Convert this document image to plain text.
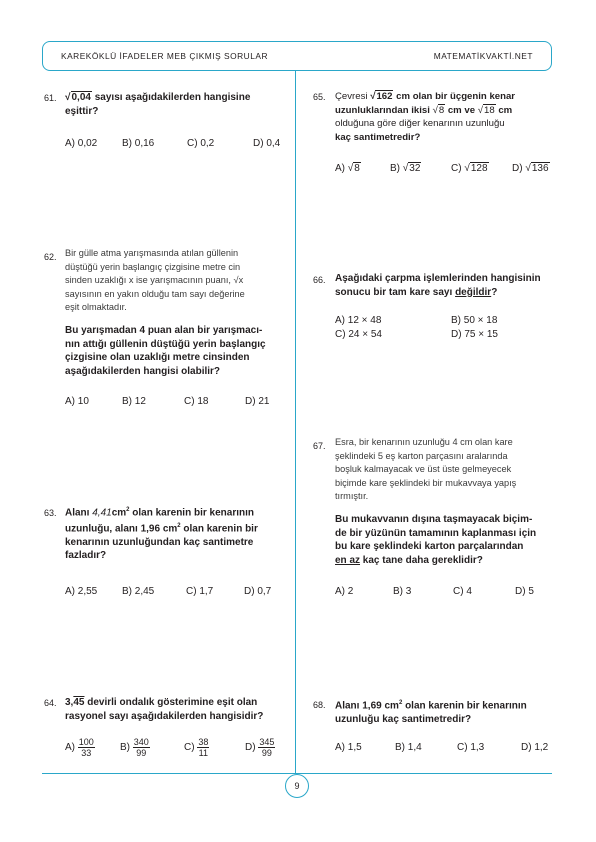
KAREKÖKLÜ İFADELER MEB ÇIKMIŞ SORULAR	MATEMATİKVAKTİ.NET
9
61. √0,04 sayısı aşağıdakilerden hangisine
eşittir?
A) 0,02 B) 0,16	C) 0,2	D) 0,4
62. Bir gülle atma yarışmasında atılan güllenin
düştüğü yerin başlangıç çizgisine metre cin
sinden uzaklığı x ise yarışmacının puanı, √x
sayısının en yakın olduğu tam sayı değerine
eşit olmaktadır.
Bu yarışmadan 4 puan alan bir yarışmacı-
nın attığı güllenin düştüğü yerin başlangıç
çizgisine olan uzaklığı metre cinsinden
aşağıdakilerden hangisi olabilir?
A) 10	B) 12	C) 18	D) 21
63. Alanı $4,41cm^2$ olan karenin bir kenarının
uzunluğu, alanı 1,96 $cm^2$ olan karenin bir
kenarının uzunluğundan kaç santimetre
fazladır?
A) 2,55 B) 2,45	C) 1,7	D) 0,7
64. 3,45 devirli ondalık gösterimine eşit olan
rasyonel sayı aşağıdakilerden hangisidir?
$A) \frac{100}{33}$	$B) \frac{340}{99}$	$C) \frac{38}{11}$	$D) \frac{345}{99}$
65. Çevresi √162 cm olan bir üçgenin kenar
uzunluklarından ikisi √8 cm ve √18 cm
olduğuna göre diğer kenarının uzunluğu
kaç santimetredir?
A) √8	B) √32	C) √128 D) √136
66. Aşağıdaki çarpma işlemlerinden hangisinin
sonucu bir tam kare sayı değildir?
A) 12 × 48	B) 50 × 18
C) 24 × 54	D) 75 × 15
67. Esra, bir kenarının uzunluğu 4 cm olan kare
şeklindeki 5 eş karton parçasını aralarında
boşluk kalmayacak ve üst üste gelmeyecek
biçimde kare şeklindeki bir mukavvaya yapış
tırmıştır.
Bu mukavvanın dışına taşmayacak biçim-
de bir yüzünün tamamının kaplanması için
bu kare şeklindeki karton parçalarından
en az kaç tane daha gereklidir?
A) 2	B) 3	C) 4	D) 5
68. Alanı 1,69 $cm^2$ olan karenin bir kenarının
uzunluğu kaç santimetredir?
A) 1,5	B) 1,4	C) 1,3	D) 1,2
